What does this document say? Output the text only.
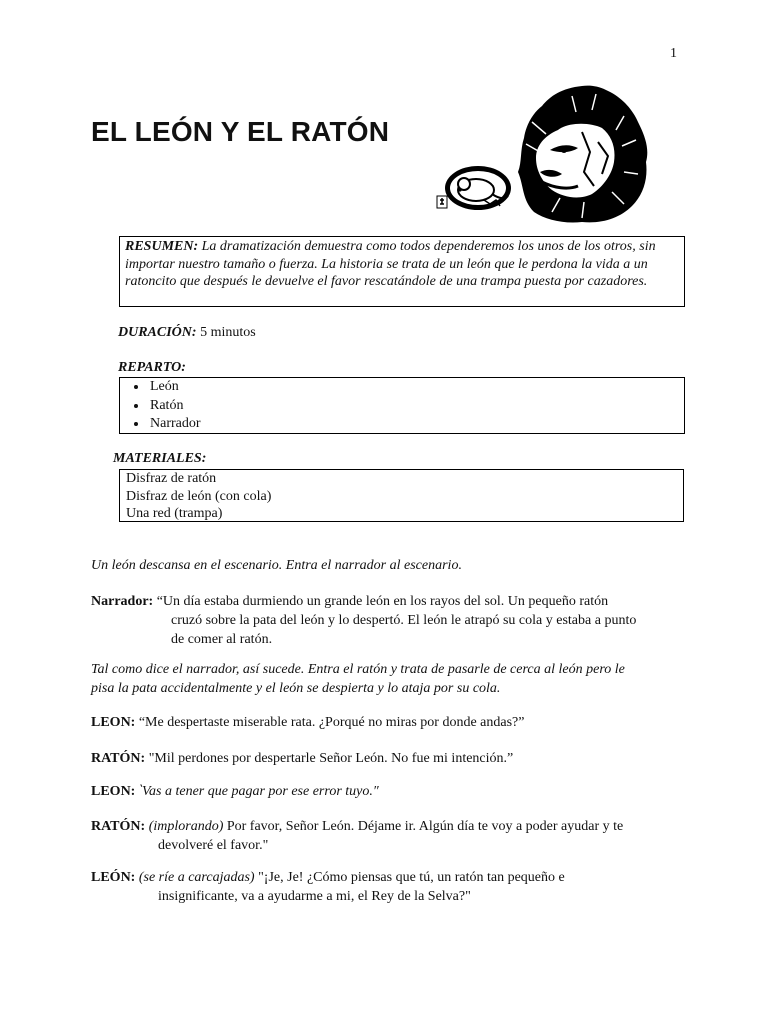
1
EL LEÓN Y EL RATÓN
RESUMEN: La dramatización demuestra como todos dependeremos los unos de los otros, sin importar nuestro tamaño o fuerza. La historia se trata de un león que le perdona la vida a un ratoncito que después le devuelve el favor rescatándole de una trampa puesta por cazadores.
DURACIÓN: 5 minutos
REPARTO:
• León
• Ratón
• Narrador
MATERIALES:
Disfraz de ratón
Disfraz de león (con cola)
Una red (trampa)
Un león descansa en el escenario. Entra el narrador al escenario.
Narrador: “Un día estaba durmiendo un grande león en los rayos del sol. Un pequeño ratón
cruzó sobre la pata del león y lo despertó. El león le atrapó su cola y estaba a punto
de comer al ratón.
Tal como dice el narrador, así sucede. Entra el ratón y trata de pasarle de cerca al león pero le
pisa la pata accidentalmente y el león se despierta y lo ataja por su cola.
LEON: “Me despertaste miserable rata. ¿Porqué no miras por donde andas?”
RATÓN: "Mil perdones por despertarle Señor León. No fue mi intención.”
LEON: ‵Vas a tener que pagar por ese error tuyo.″
RATÓN: (implorando) Por favor, Señor León. Déjame ir. Algún día te voy a poder ayudar y te
devolveré el favor."
LEÓN: (se ríe a carcajadas) "¡Je, Je! ¿Cómo piensas que tú, un ratón tan pequeño e
insignificante, va a ayudarme a mi, el Rey de la Selva?"
